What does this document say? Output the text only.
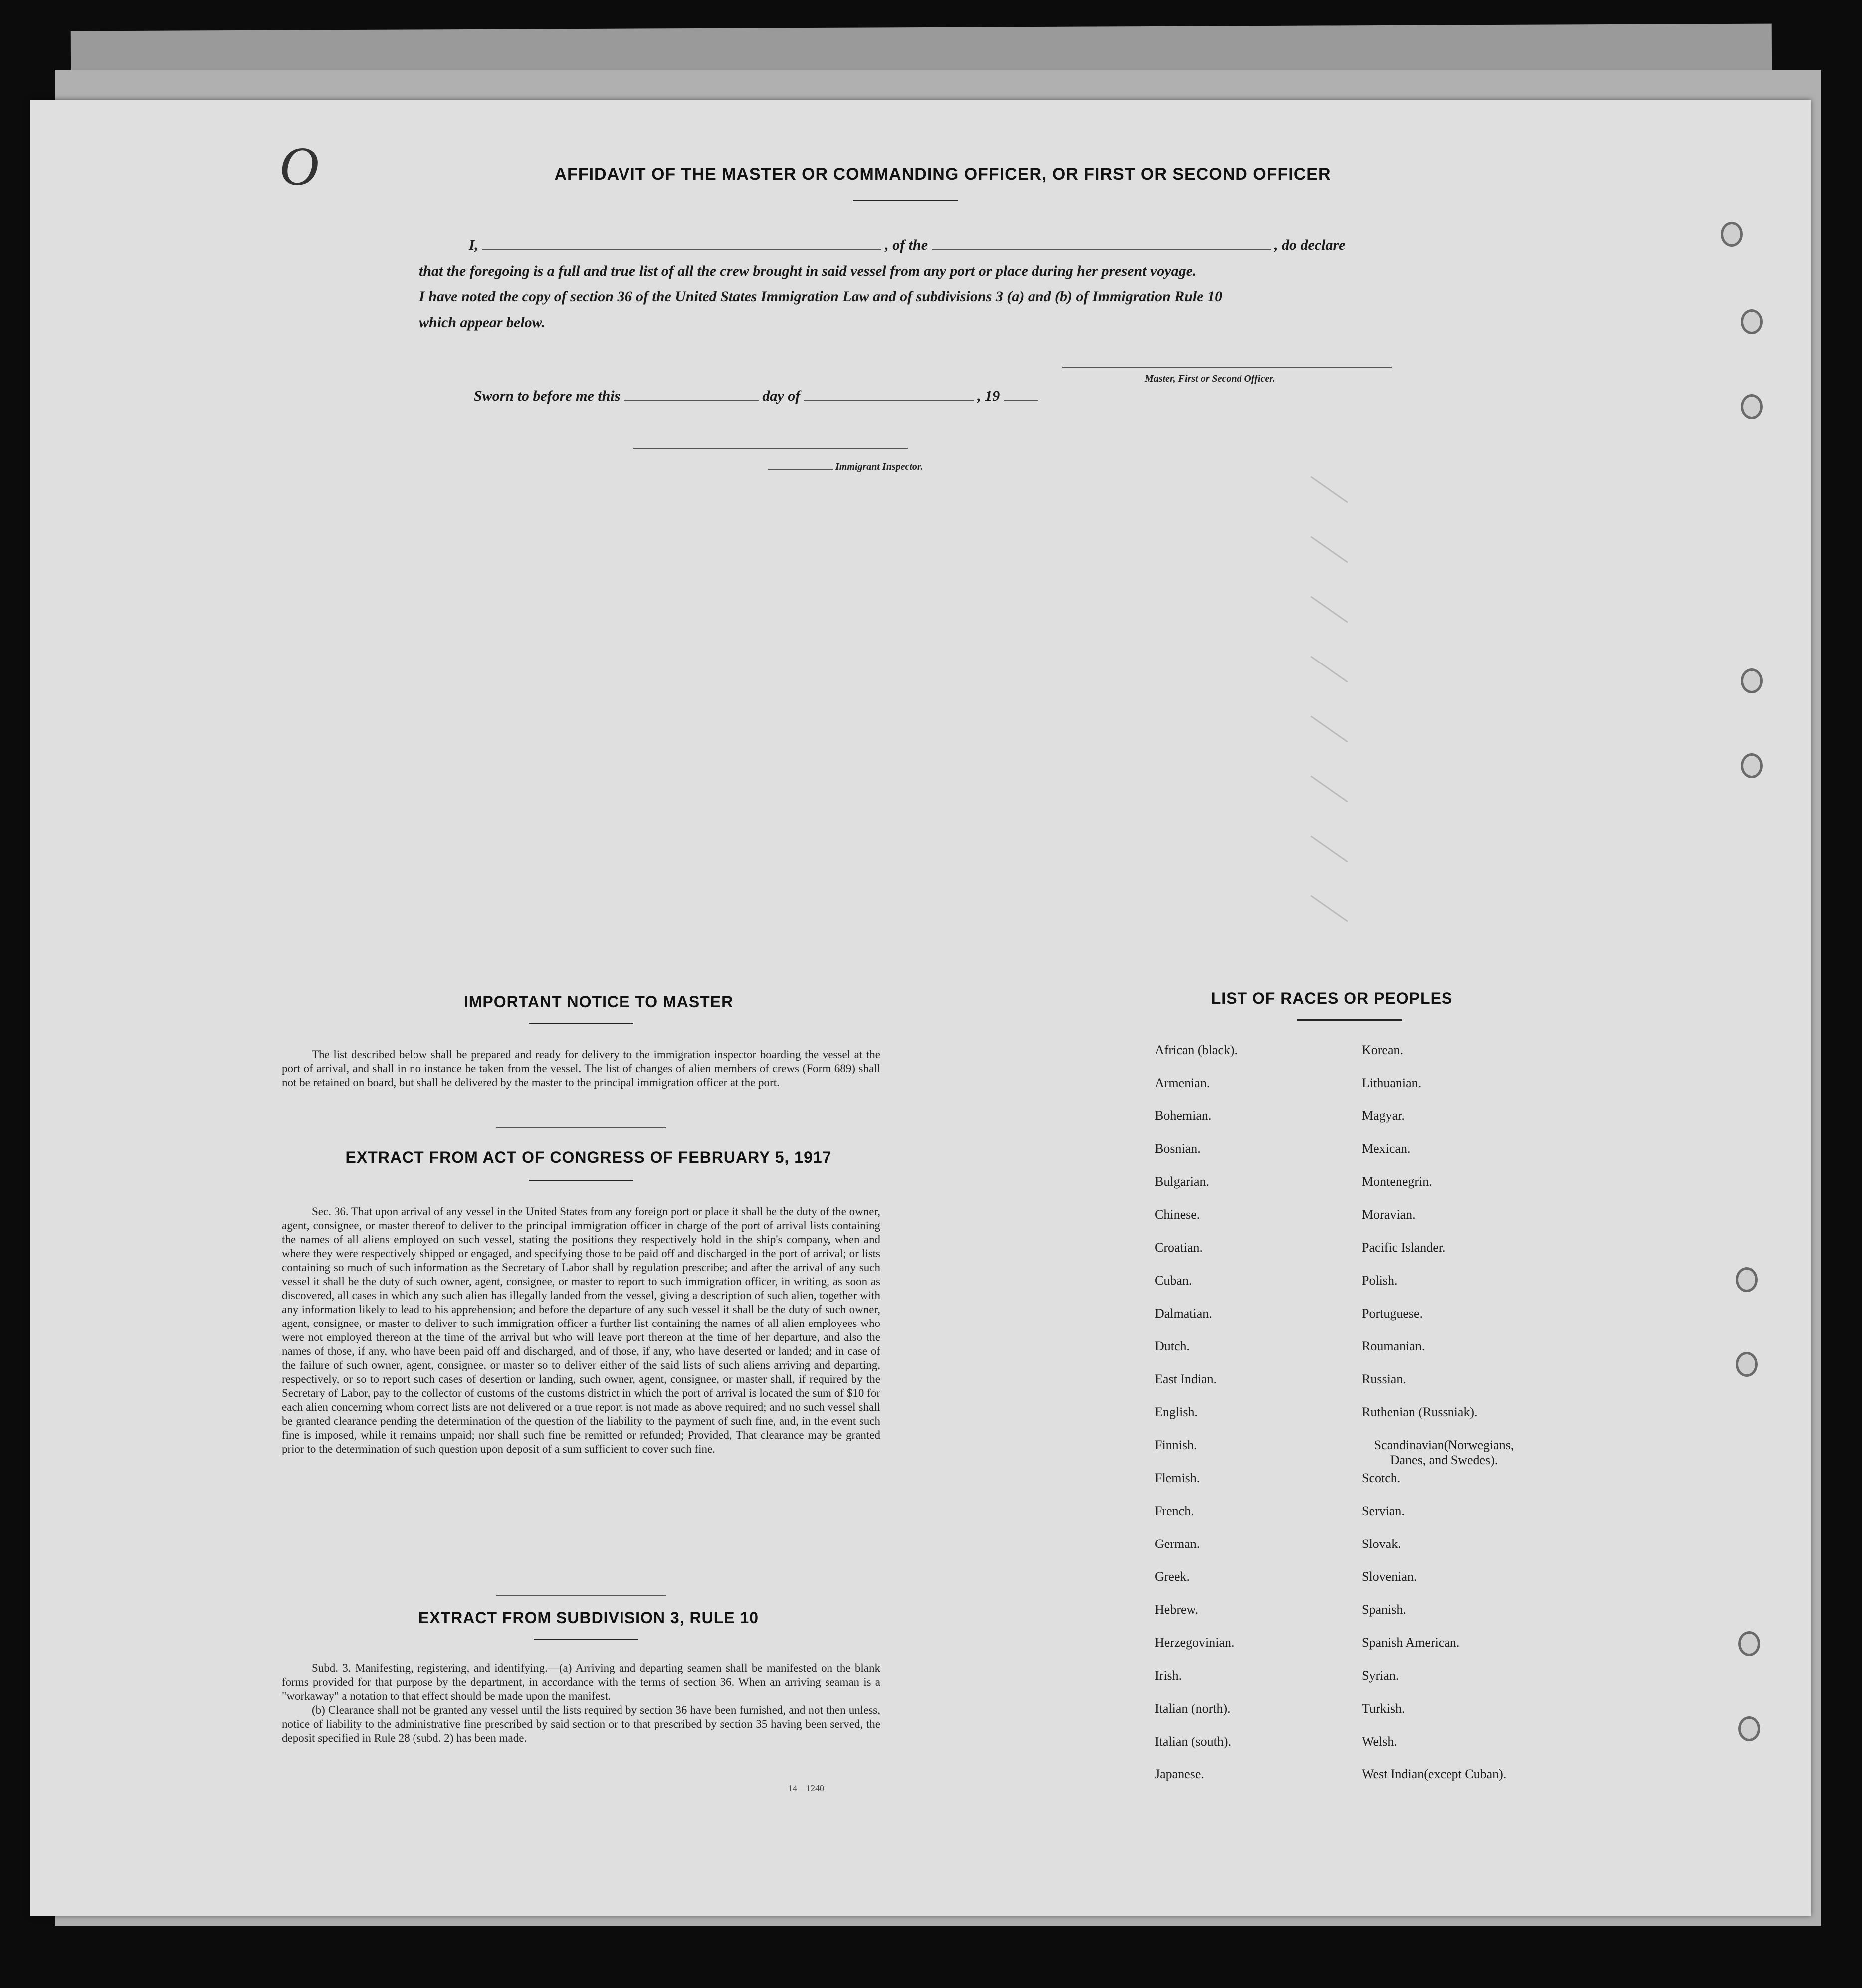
O	AFFIDAVIT OF THE MASTER OR COMMANDING OFFICER, OR FIRST OR SECOND OFFICER
I,	, of the	, do declare
that the foregoing is a full and true list of all the crew brought in said vessel from any port or place during her present voyage.
I have noted the copy of section 36 of the United States Immigration Law and of subdivisions 3 (a) and (b) of Immigration Rule 10
which appear below.
Master, First or Second Officer.
Sworn to before me this	day of	, 19
Immigrant Inspector.
IMPORTANT NOTICE TO MASTER

The list described below shall be prepared and ready for delivery to the immigration inspector boarding the vessel at the port of arrival, and shall in no instance be taken from the vessel. The list of changes of alien members of crews (Form 689) shall not be retained on board, but shall be delivered by the master to the principal immigration officer at the port.

EXTRACT FROM ACT OF CONGRESS OF FEBRUARY 5, 1917

Sec. 36. That upon arrival of any vessel in the United States from any foreign port or place it shall be the duty of the owner, agent, consignee, or master thereof to deliver to the principal immigration officer in charge of the port of arrival lists containing the names of all aliens employed on such vessel, stating the positions they respectively hold in the ship's company, when and where they were respectively shipped or engaged, and specifying those to be paid off and discharged in the port of arrival; or lists containing so much of such information as the Secretary of Labor shall by regulation prescribe; and after the arrival of any such vessel it shall be the duty of such owner, agent, consignee, or master to report to such immigration officer, in writing, as soon as discovered, all cases in which any such alien has illegally landed from the vessel, giving a description of such alien, together with any information likely to lead to his apprehension; and before the departure of any such vessel it shall be the duty of such owner, agent, consignee, or master to deliver to such immigration officer a further list containing the names of all alien employees who were not employed thereon at the time of the arrival but who will leave port thereon at the time of her departure, and also the names of those, if any, who have been paid off and discharged, and of those, if any, who have deserted or landed; and in case of the failure of such owner, agent, consignee, or master so to deliver either of the said lists of such aliens arriving and departing, respectively, or so to report such cases of desertion or landing, such owner, agent, consignee, or master shall, if required by the Secretary of Labor, pay to the collector of customs of the customs district in which the port of arrival is located the sum of $10 for each alien concerning whom correct lists are not delivered or a true report is not made as above required; and no such vessel shall be granted clearance pending the determination of the question of the liability to the payment of such fine, and, in the event such fine is imposed, while it remains unpaid; nor shall such fine be remitted or refunded; Provided, That clearance may be granted prior to the determination of such question upon deposit of a sum sufficient to cover such fine.

EXTRACT FROM SUBDIVISION 3, RULE 10

Subd. 3. Manifesting, registering, and identifying.—(a) Arriving and departing seamen shall be manifested on the blank forms provided for that purpose by the department, in accordance with the terms of section 36. When an arriving seaman is a "workaway" a notation to that effect should be made upon the manifest.

(b) Clearance shall not be granted any vessel until the lists required by section 36 have been furnished, and not then unless, notice of liability to the administrative fine prescribed by said section or to that prescribed by section 35 having been served, the deposit specified in Rule 28 (subd. 2) has been made.

14—1240
LIST OF RACES OR PEOPLES
African (black).
Armenian.
Bohemian.
Bosnian.
Bulgarian.
Chinese.
Croatian.
Cuban.
Dalmatian.
Dutch.
East Indian.
English.
Finnish.
Flemish.
French.
German.
Greek.
Hebrew.
Herzegovinian.
Irish.
Italian (north).
Italian (south).
Japanese.
Korean.
Lithuanian.
Magyar.
Mexican.
Montenegrin.
Moravian.
Pacific Islander.
Polish.
Portuguese.
Roumanian.
Russian.
Ruthenian (Russniak).
Scandinavian(Norwegians, Danes, and Swedes).
Scotch.
Servian.
Slovak.
Slovenian.
Spanish.
Spanish American.
Syrian.
Turkish.
Welsh.
West Indian(except Cuban).
